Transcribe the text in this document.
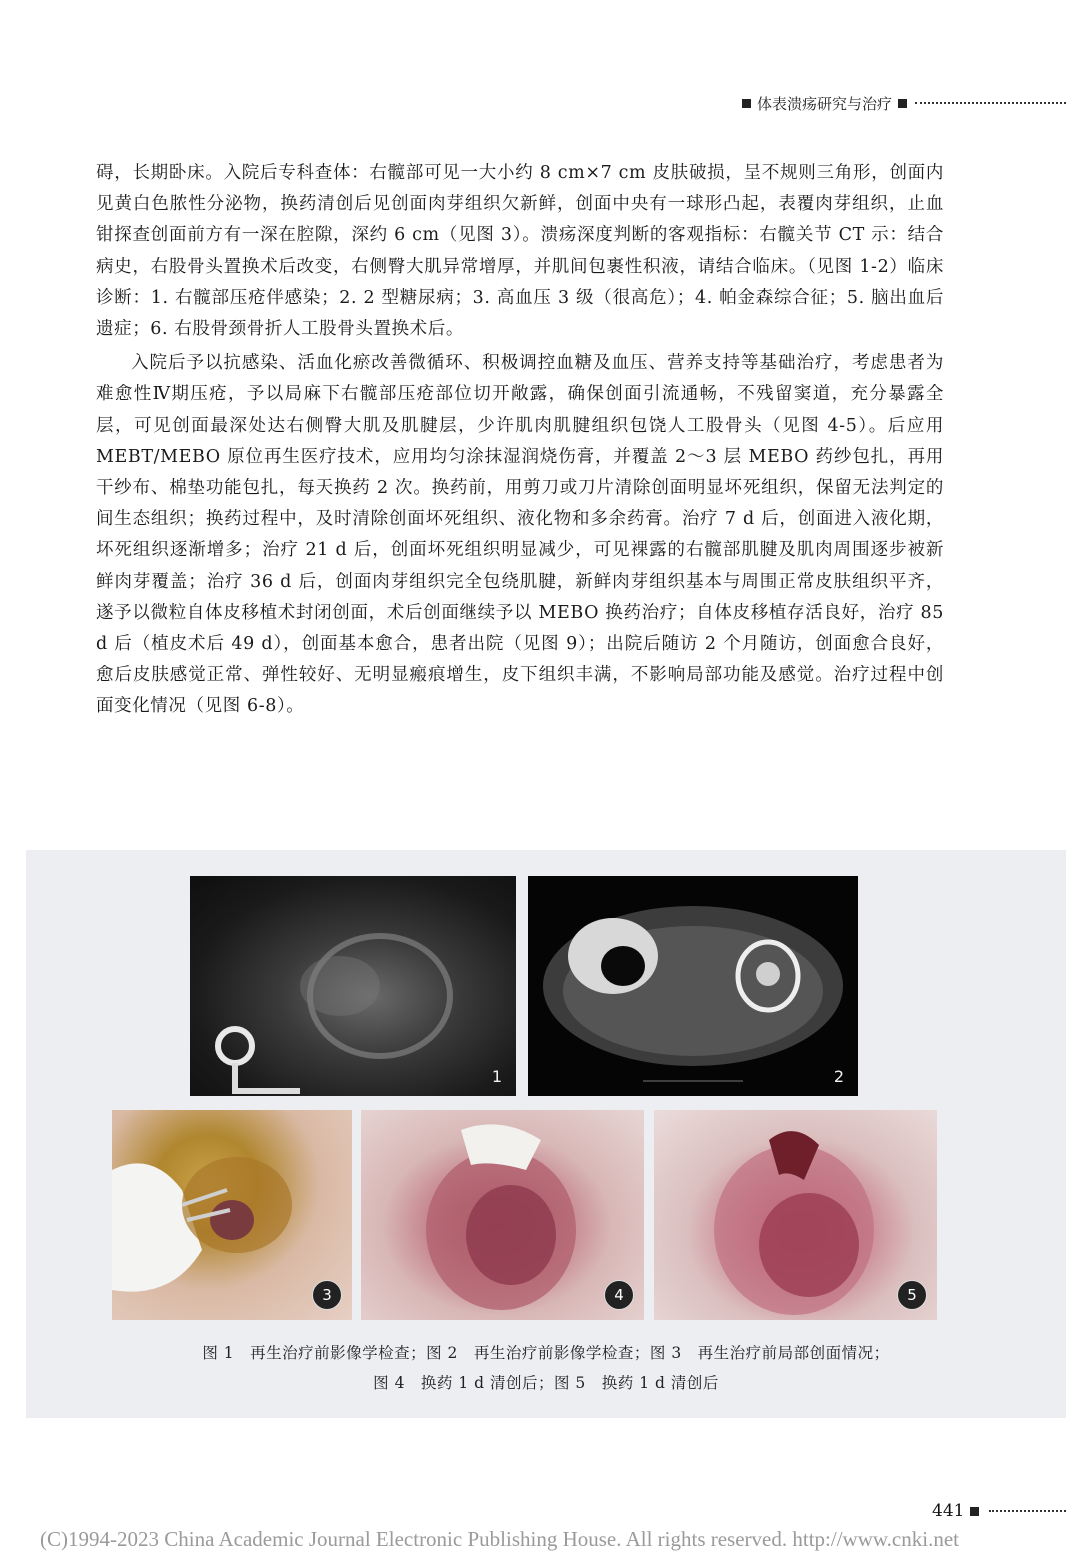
体表溃疡研究与治疗

碍，长期卧床。入院后专科查体：右髋部可见一大小约 8 cm×7 cm 皮肤破损，呈不规则三角形，创面内见黄白色脓性分泌物，换药清创后见创面肉芽组织欠新鲜，创面中央有一球形凸起，表覆肉芽组织，止血钳探查创面前方有一深在腔隙，深约 6 cm（见图 3）。溃疡深度判断的客观指标：右髋关节 CT 示：结合病史，右股骨头置换术后改变，右侧臀大肌异常增厚，并肌间包裹性积液，请结合临床。（见图 1-2）临床诊断：1. 右髋部压疮伴感染；2. 2 型糖尿病；3. 高血压 3 级（很高危）；4. 帕金森综合征；5. 脑出血后遗症；6. 右股骨颈骨折人工股骨头置换术后。

入院后予以抗感染、活血化瘀改善微循环、积极调控血糖及血压、营养支持等基础治疗，考虑患者为难愈性Ⅳ期压疮，予以局麻下右髋部压疮部位切开敞露，确保创面引流通畅，不残留窦道，充分暴露全层，可见创面最深处达右侧臀大肌及肌腱层，少许肌肉肌腱组织包饶人工股骨头（见图 4-5）。后应用 MEBT/MEBO 原位再生医疗技术，应用均匀涂抹湿润烧伤膏，并覆盖 2～3 层 MEBO 药纱包扎，再用干纱布、棉垫功能包扎，每天换药 2 次。换药前，用剪刀或刀片清除创面明显坏死组织，保留无法判定的间生态组织；换药过程中，及时清除创面坏死组织、液化物和多余药膏。治疗 7 d 后，创面进入液化期，坏死组织逐渐增多；治疗 21 d 后，创面坏死组织明显减少，可见裸露的右髋部肌腱及肌肉周围逐步被新鲜肉芽覆盖；治疗 36 d 后，创面肉芽组织完全包绕肌腱，新鲜肉芽组织基本与周围正常皮肤组织平齐，遂予以微粒自体皮移植术封闭创面，术后创面继续予以 MEBO 换药治疗；自体皮移植存活良好，治疗 85 d 后（植皮术后 49 d），创面基本愈合，患者出院（见图 9）；出院后随访 2 个月随访，创面愈合良好，愈后皮肤感觉正常、弹性较好、无明显瘢痕增生，皮下组织丰满，不影响局部功能及感觉。治疗过程中创面变化情况（见图 6-8）。

1	2
3	4	5
图 1　再生治疗前影像学检查；图 2　再生治疗前影像学检查；图 3　再生治疗前局部创面情况；
图 4　换药 1 d 清创后；图 5　换药 1 d 清创后
441
(C)1994-2023 China Academic Journal Electronic Publishing House. All rights reserved. http://www.cnki.net
